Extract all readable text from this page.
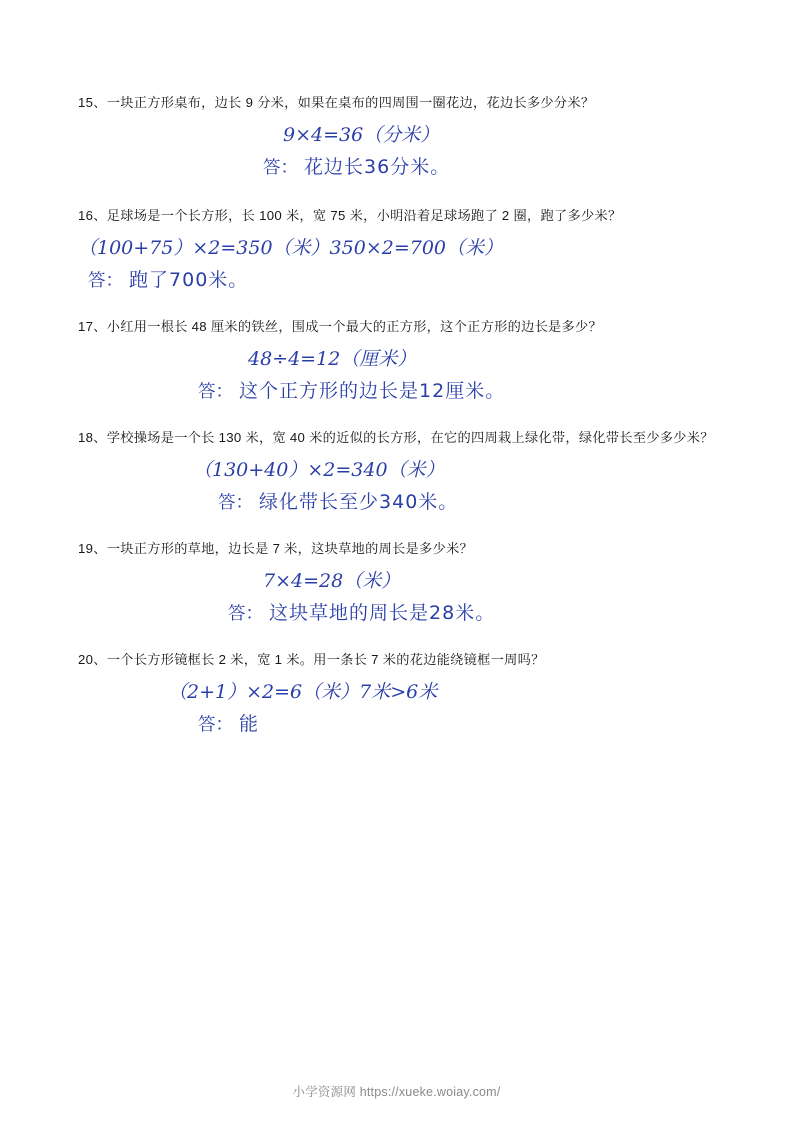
15、一块正方形桌布，边长 9 分米，如果在桌布的四周围一圈花边，花边长多少分米？
9×4=36（分米）
答： 花边长36分米。
16、足球场是一个长方形，长 100 米，宽 75 米，小明沿着足球场跑了 2 圈，跑了多少米？
（100+75）×2=350（米）350×2=700（米）
答： 跑了700米。
17、小红用一根长 48 厘米的铁丝，围成一个最大的正方形，这个正方形的边长是多少？
48÷4=12（厘米）
答： 这个正方形的边长是12厘米。
18、学校操场是一个长 130 米，宽 40 米的近似的长方形，在它的四周栽上绿化带，绿化带长至少多少米？
（130+40）×2=340（米）
答： 绿化带长至少340米。
19、一块正方形的草地，边长是 7 米，这块草地的周长是多少米？
7×4=28（米）
答： 这块草地的周长是28米。
20、一个长方形镜框长 2 米，宽 1 米。用一条长 7 米的花边能绕镜框一周吗？
（2+1）×2=6（米）7米>6米
答： 能
小学资源网 https://xueke.woiay.com/
